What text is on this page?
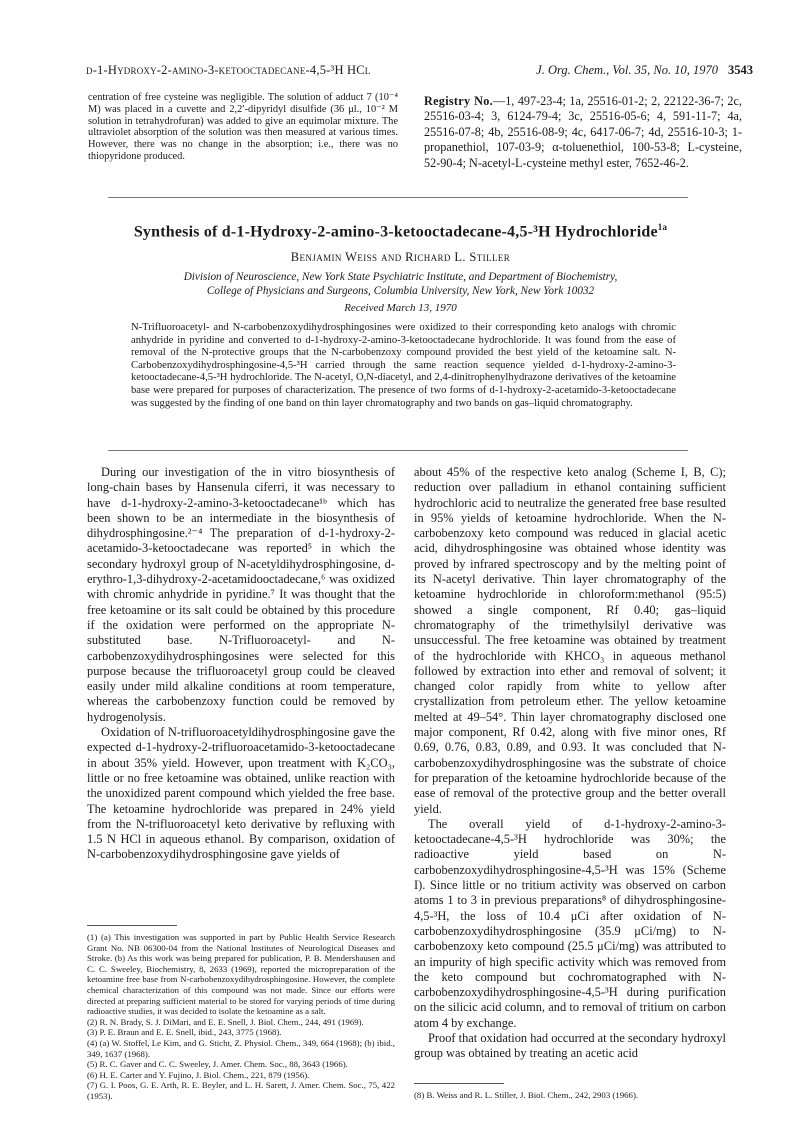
d-1-Hydroxy-2-amino-3-ketooctadecane-4,5-³H HCl	J. Org. Chem., Vol. 35, No. 10, 1970 3543
centration of free cysteine was negligible. The solution of adduct 7 (10⁻⁴ M) was placed in a cuvette and 2,2′-dipyridyl disulfide (36 μl., 10⁻² M solution in tetrahydrofuran) was added to give an equimolar mixture. The ultraviolet absorption of the solution was then measured at various times. However, there was no change in the absorption; i.e., there was no thiopyridone produced.
Registry No.—1, 497-23-4; 1a, 25516-01-2; 2, 22122-36-7; 2c, 25516-03-4; 3, 6124-79-4; 3c, 25516-05-6; 4, 591-11-7; 4a, 25516-07-8; 4b, 25516-08-9; 4c, 6417-06-7; 4d, 25516-10-3; 1-propanethiol, 107-03-9; α-toluenethiol, 100-53-8; L-cysteine, 52-90-4; N-acetyl-L-cysteine methyl ester, 7652-46-2.
Synthesis of d-1-Hydroxy-2-amino-3-ketooctadecane-4,5-³H Hydrochloride$^{1a}$
Benjamin Weiss and Richard L. Stiller
Division of Neuroscience, New York State Psychiatric Institute, and Department of Biochemistry,
College of Physicians and Surgeons, Columbia University, New York, New York 10032
Received March 13, 1970
N-Trifluoroacetyl- and N-carbobenzoxydihydrosphingosines were oxidized to their corresponding keto analogs with chromic anhydride in pyridine and converted to d-1-hydroxy-2-amino-3-ketooctadecane hydrochloride. It was found from the ease of removal of the N-protective groups that the N-carbobenzoxy compound provided the best yield of the ketoamine salt. N-Carbobenzoxydihydrosphingosine-4,5-³H carried through the same reaction sequence yielded d-1-hydroxy-2-amino-3-ketooctadecane-4,5-³H hydrochloride. The N-acetyl, O,N-diacetyl, and 2,4-dinitrophenylhydrazone derivatives of the ketoamine base were prepared for purposes of characterization. The presence of two forms of d-1-hydroxy-2-acetamido-3-ketooctadecane was suggested by the finding of one band on thin layer chromatography and two bands on gas–liquid chromatography.

During our investigation of the in vitro biosynthesis of long-chain bases by Hansenula ciferri, it was necessary to have d-1-hydroxy-2-amino-3-ketooctadecane¹ᵇ which has been shown to be an intermediate in the biosynthesis of dihydrosphingosine.²⁻⁴ The preparation of d-1-hydroxy-2-acetamido-3-ketooctadecane was reported⁵ in which the secondary hydroxyl group of N-acetyldihydrosphingosine, d-erythro-1,3-dihydroxy-2-acetamidooctadecane,⁶ was oxidized with chromic anhydride in pyridine.⁷ It was thought that the free ketoamine or its salt could be obtained by this procedure if the oxidation were performed on the appropriate N-substituted base. N-Trifluoroacetyl- and N-carbobenzoxydihydrosphingosines were selected for this purpose because the trifluoroacetyl group could be cleaved easily under mild alkaline conditions at room temperature, whereas the carbobenzoxy function could be removed by hydrogenolysis.

Oxidation of N-trifluoroacetyldihydrosphingosine gave the expected d-1-hydroxy-2-trifluoroacetamido-3-ketooctadecane in about 35% yield. However, upon treatment with K₂CO₃, little or no free ketoamine was obtained, unlike reaction with the unoxidized parent compound which yielded the free base. The ketoamine hydrochloride was prepared in 24% yield from the N-trifluoroacetyl keto derivative by refluxing with 1.5 N HCl in aqueous ethanol. By comparison, oxidation of N-carbobenzoxydihydrosphingosine gave yields of

(1) (a) This investigation was supported in part by Public Health Service Research Grant No. NB 06300-04 from the National Institutes of Neurological Diseases and Stroke. (b) As this work was being prepared for publication, P. B. Mendershausen and C. C. Sweeley, Biochemistry, 8, 2633 (1969), reported the micropreparation of the ketoamine free base from N-carbobenzoxydihydrosphingosine. However, the complete chemical characterization of this compound was not made. Since our efforts were directed at preparing sufficient material to be stored for varying periods of time during radioactive studies, it was decided to isolate the ketoamine as a salt.

(2) R. N. Brady, S. J. DiMari, and E. E. Snell, J. Biol. Chem., 244, 491 (1969).

(3) P. E. Braun and E. E. Snell, ibid., 243, 3775 (1968).

(4) (a) W. Stoffel, Le Kim, and G. Sticht, Z. Physiol. Chem., 349, 664 (1968); (b) ibid., 349, 1637 (1968).

(5) R. C. Gaver and C. C. Sweeley, J. Amer. Chem. Soc., 88, 3643 (1966).

(6) H. E. Carter and Y. Fujino, J. Biol. Chem., 221, 879 (1956).

(7) G. I. Poos, G. E. Arth, R. E. Beyler, and L. H. Sarett, J. Amer. Chem. Soc., 75, 422 (1953).

about 45% of the respective keto analog (Scheme I, B, C); reduction over palladium in ethanol containing sufficient hydrochloric acid to neutralize the generated free base resulted in 95% yields of ketoamine hydrochloride. When the N-carbobenzoxy keto compound was reduced in glacial acetic acid, dihydrosphingosine was obtained whose identity was proved by infrared spectroscopy and by the melting point of its N-acetyl derivative. Thin layer chromatography of the ketoamine hydrochloride in chloroform:methanol (95:5) showed a single component, Rf 0.40; gas–liquid chromatography of the trimethylsilyl derivative was unsuccessful. The free ketoamine was obtained by treatment of the hydrochloride with KHCO₃ in aqueous methanol followed by extraction into ether and removal of solvent; it changed color rapidly from white to yellow after crystallization from petroleum ether. The yellow ketoamine melted at 49–54°. Thin layer chromatography disclosed one major component, Rf 0.42, along with five minor ones, Rf 0.69, 0.76, 0.83, 0.89, and 0.93. It was concluded that N-carbobenzoxydihydrosphingosine was the substrate of choice for preparation of the ketoamine hydrochloride because of the ease of removal of the protective group and the better overall yield.

The overall yield of d-1-hydroxy-2-amino-3-ketooctadecane-4,5-³H hydrochloride was 30%; the radioactive yield based on N-carbobenzoxydihydrosphingosine-4,5-³H was 15% (Scheme I). Since little or no tritium activity was observed on carbon atoms 1 to 3 in previous preparations⁸ of dihydrosphingosine-4,5-³H, the loss of 10.4 μCi after oxidation of N-carbobenzoxydihydrosphingosine (35.9 μCi/mg) to N-carbobenzoxy keto compound (25.5 μCi/mg) was attributed to an impurity of high specific activity which was removed from the keto compound but cochromatographed with N-carbobenzoxydihydrosphingosine-4,5-³H during purification on the silicic acid column, and to removal of tritium on carbon atom 4 by exchange.

Proof that oxidation had occurred at the secondary hydroxyl group was obtained by treating an acetic acid

(8) B. Weiss and R. L. Stiller, J. Biol. Chem., 242, 2903 (1966).
